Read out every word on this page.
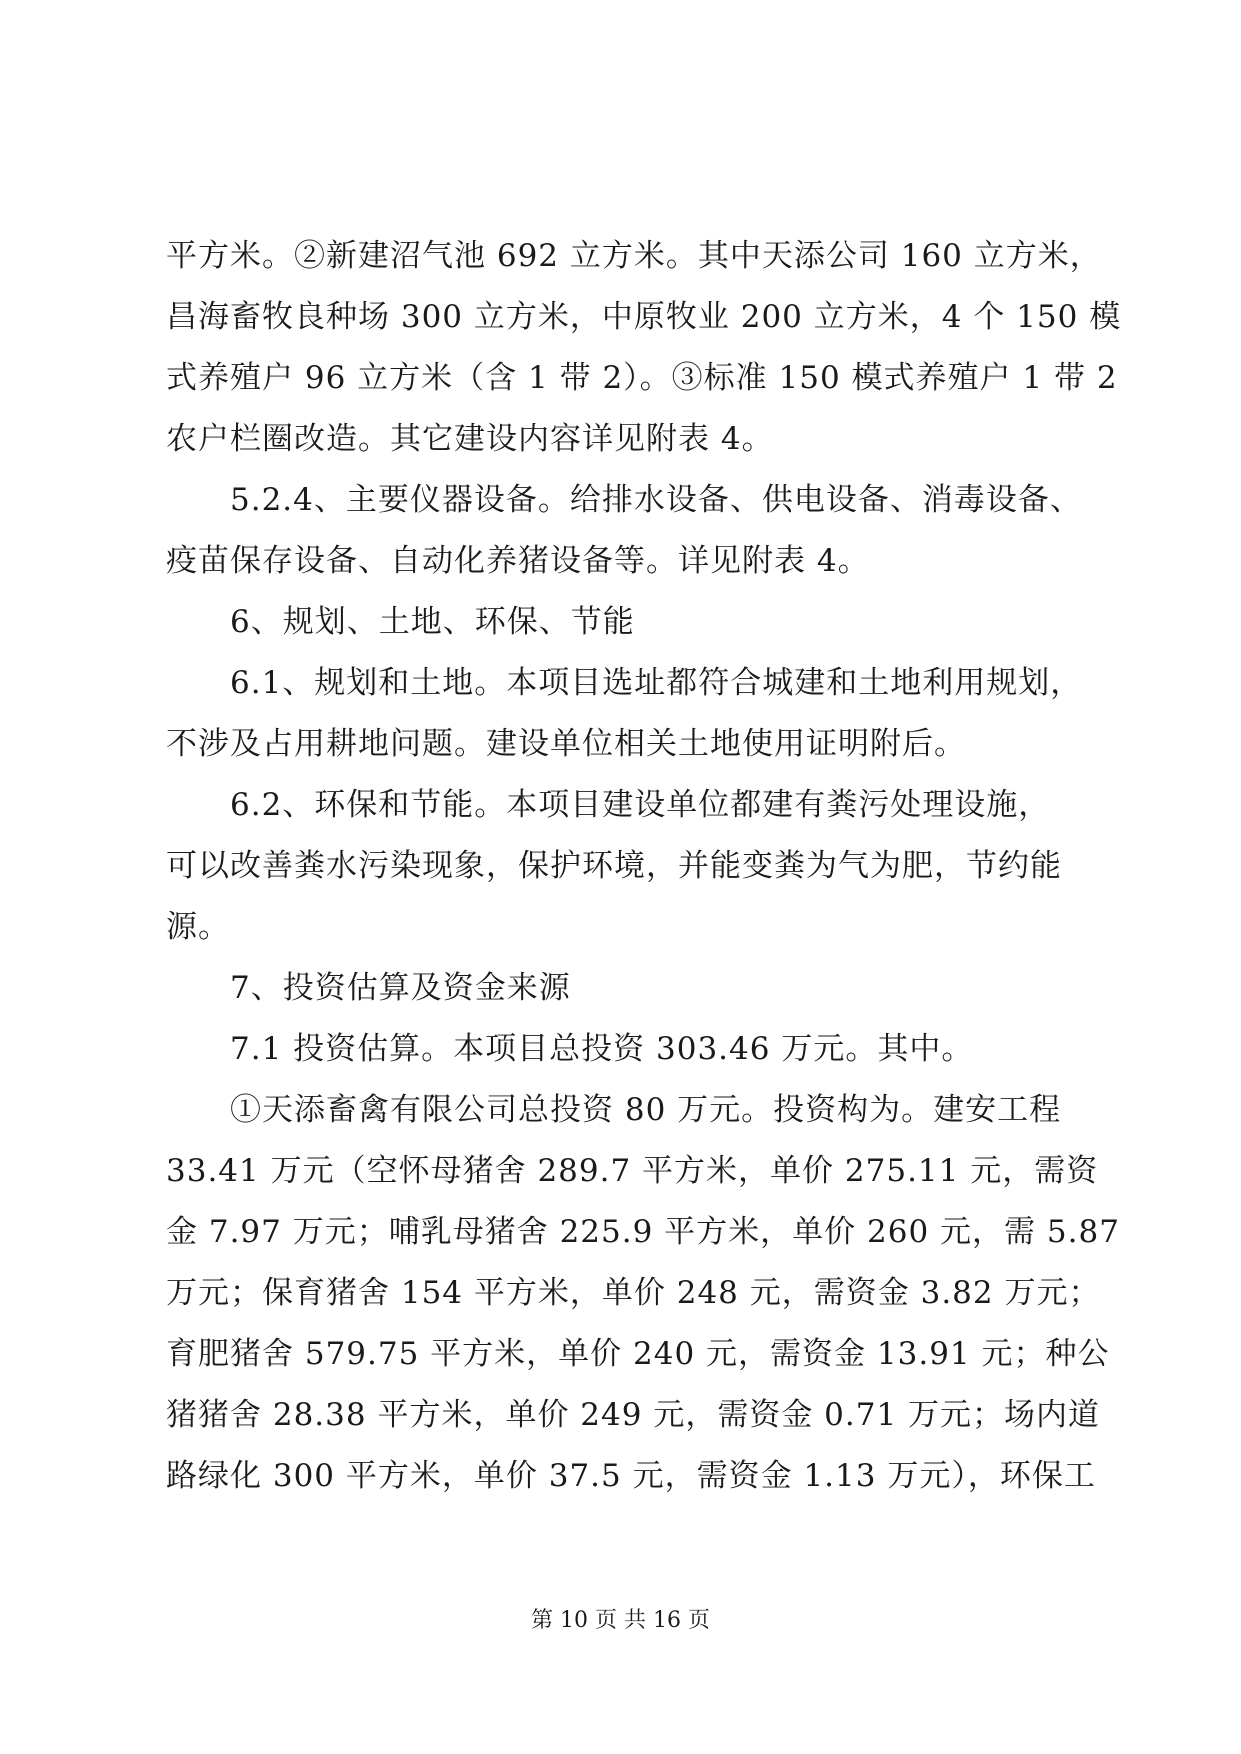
平方米。②新建沼气池 692 立方米。其中天添公司 160 立方米，
昌海畜牧良种场 300 立方米，中原牧业 200 立方米，4 个 150 模
式养殖户 96 立方米（含 1 带 2）。③标准 150 模式养殖户 1 带 2
农户栏圈改造。其它建设内容详见附表 4。
5.2.4、主要仪器设备。给排水设备、供电设备、消毒设备、
疫苗保存设备、自动化养猪设备等。详见附表 4。
6、规划、土地、环保、节能
6.1、规划和土地。本项目选址都符合城建和土地利用规划，
不涉及占用耕地问题。建设单位相关土地使用证明附后。
6.2、环保和节能。本项目建设单位都建有粪污处理设施，
可以改善粪水污染现象，保护环境，并能变粪为气为肥，节约能
源。
7、投资估算及资金来源
7.1 投资估算。本项目总投资 303.46 万元。其中。
①天添畜禽有限公司总投资 80 万元。投资构为。建安工程
33.41 万元（空怀母猪舍 289.7 平方米，单价 275.11 元，需资
金 7.97 万元；哺乳母猪舍 225.9 平方米，单价 260 元，需 5.87
万元；保育猪舍 154 平方米，单价 248 元，需资金 3.82 万元；
育肥猪舍 579.75 平方米，单价 240 元，需资金 13.91 元；种公
猪猪舍 28.38 平方米，单价 249 元，需资金 0.71 万元；场内道
路绿化 300 平方米，单价 37.5 元，需资金 1.13 万元），环保工
第 10 页 共 16 页
